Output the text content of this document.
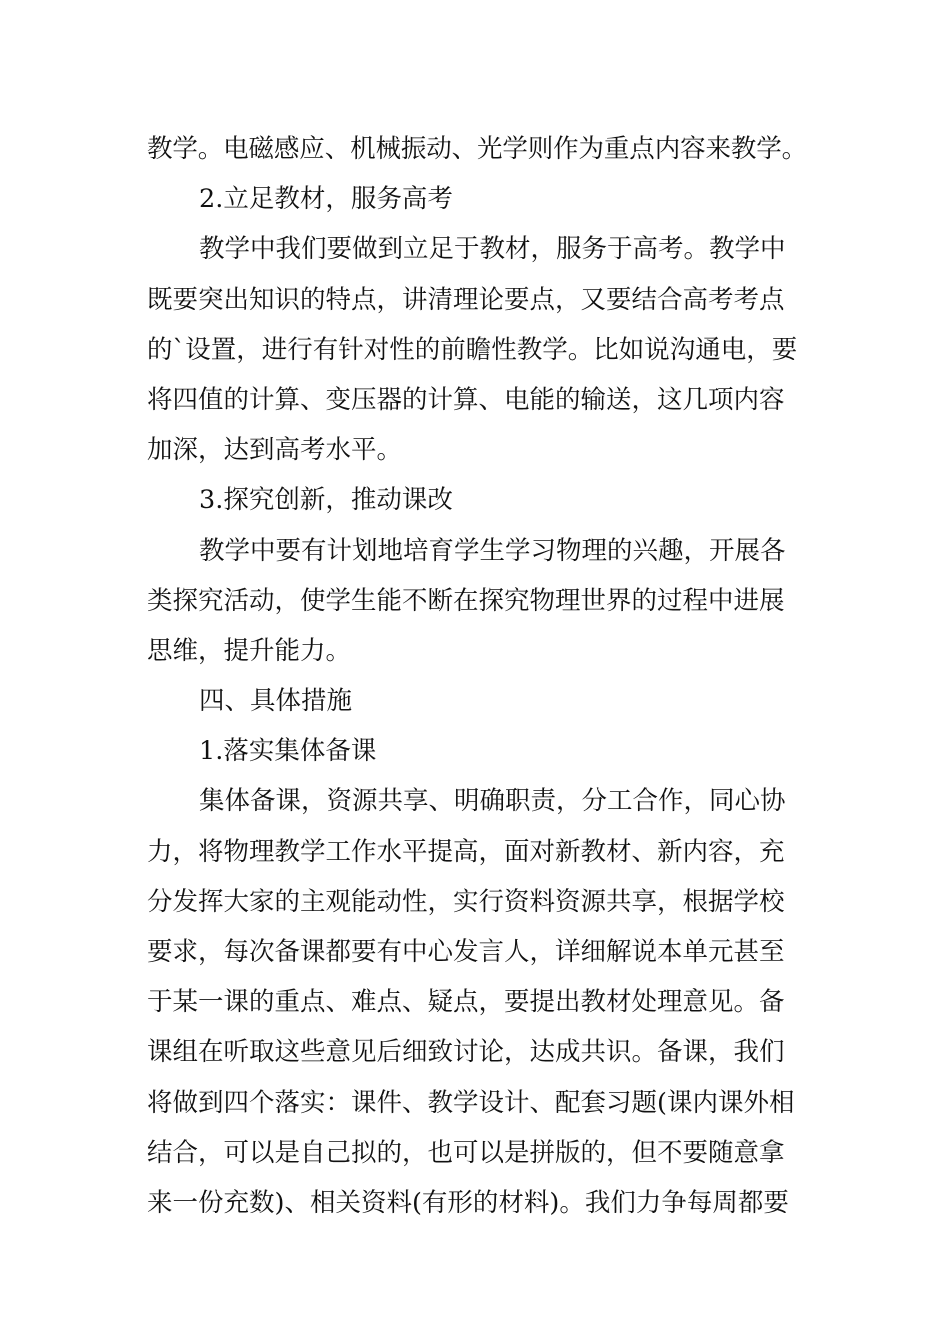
教学。电磁感应、机械振动、光学则作为重点内容来教学。
2.立足教材，服务高考
教学中我们要做到立足于教材，服务于高考。教学中
既要突出知识的特点，讲清理论要点，又要结合高考考点
的`设置，进行有针对性的前瞻性教学。比如说沟通电，要
将四值的计算、变压器的计算、电能的输送，这几项内容
加深，达到高考水平。
3.探究创新，推动课改
教学中要有计划地培育学生学习物理的兴趣，开展各
类探究活动，使学生能不断在探究物理世界的过程中进展
思维，提升能力。
四、具体措施
1.落实集体备课
集体备课，资源共享、明确职责，分工合作，同心协
力，将物理教学工作水平提高，面对新教材、新内容，充
分发挥大家的主观能动性，实行资料资源共享，根据学校
要求，每次备课都要有中心发言人，详细解说本单元甚至
于某一课的重点、难点、疑点，要提出教材处理意见。备
课组在听取这些意见后细致讨论，达成共识。备课，我们
将做到四个落实：课件、教学设计、配套习题(课内课外相
结合，可以是自己拟的，也可以是拼版的，但不要随意拿
来一份充数)、相关资料(有形的材料)。我们力争每周都要
